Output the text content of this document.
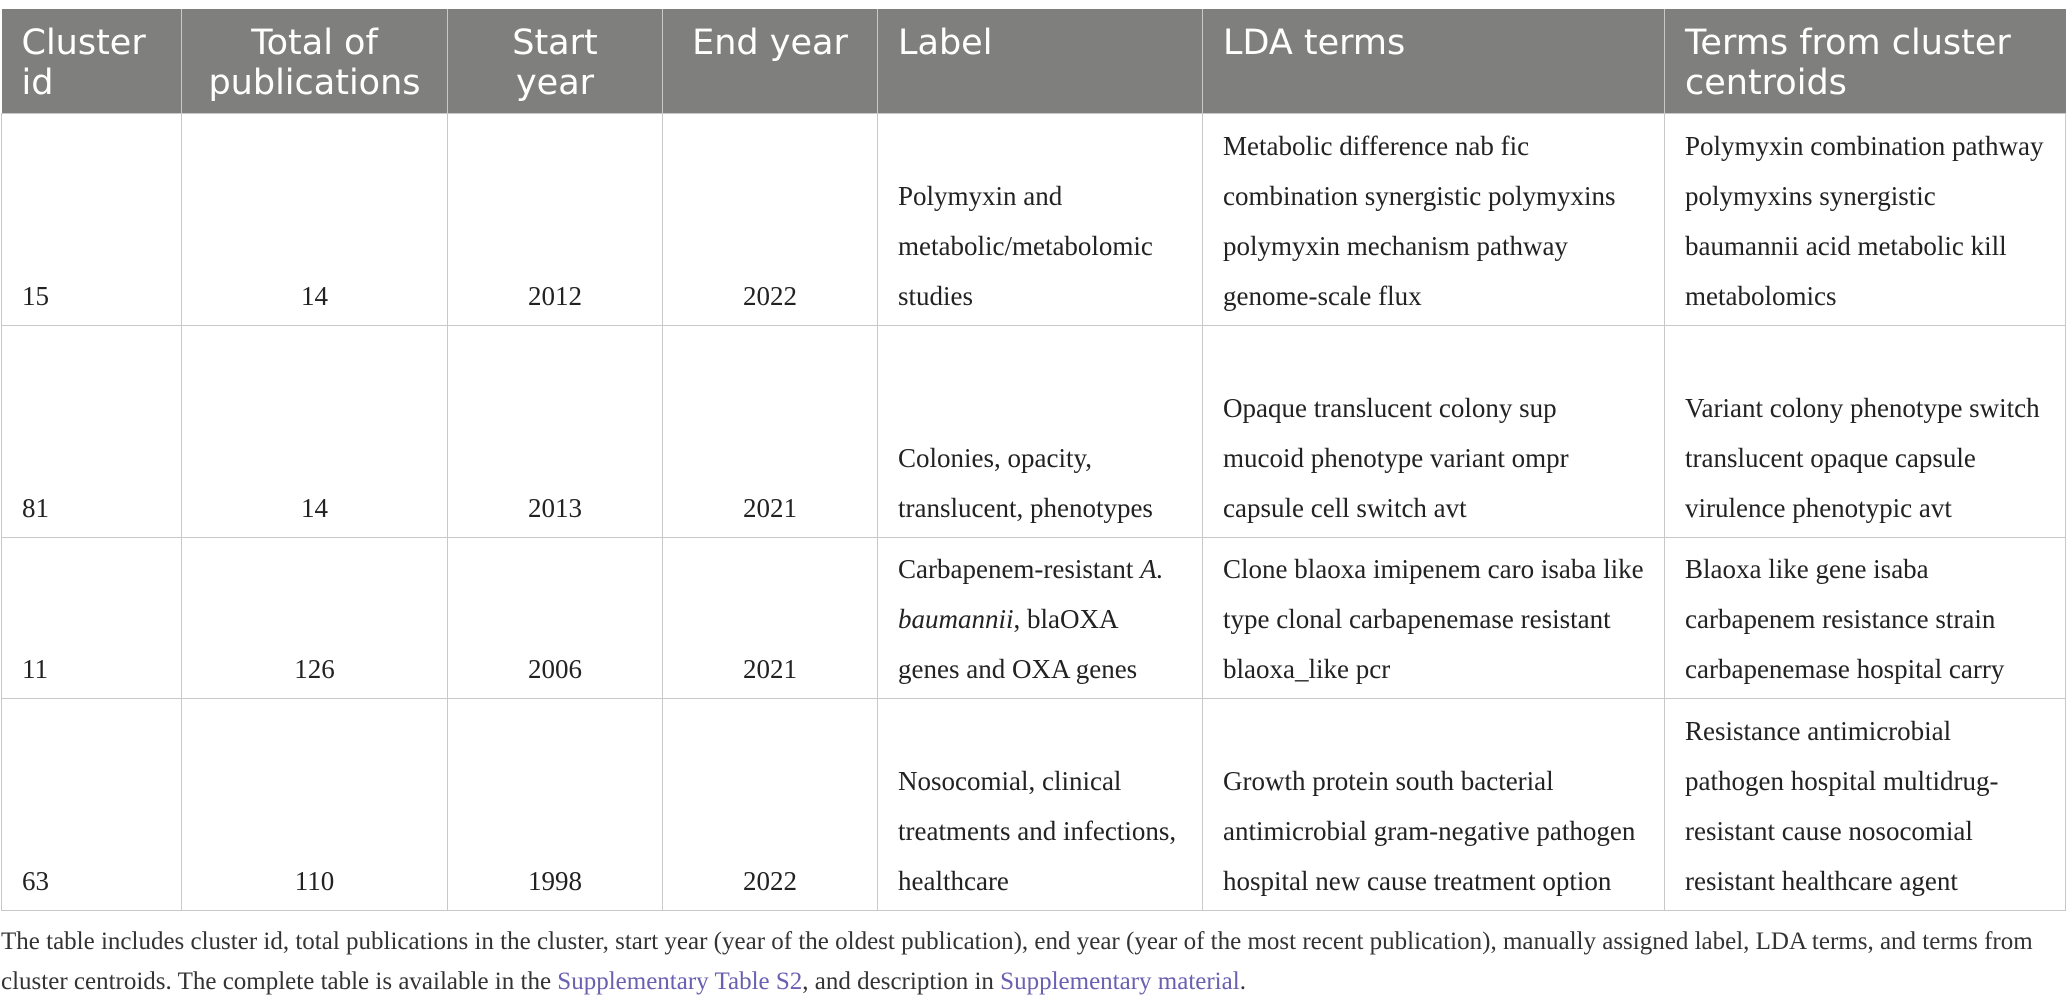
Cluster id	Total of publications	Start year	End year	Label	LDA terms	Terms from cluster centroids
15	14	2012	2022	Polymyxin and metabolic/metabolomic studies	Metabolic difference nab fic combination synergistic polymyxins polymyxin mechanism pathway genome-scale flux	Polymyxin combination pathway polymyxins synergistic baumannii acid metabolic kill metabolomics
81	14	2013	2021	Colonies, opacity, translucent, phenotypes	Opaque translucent colony sup mucoid phenotype variant ompr capsule cell switch avt	Variant colony phenotype switch translucent opaque capsule virulence phenotypic avt
11	126	2006	2021	Carbapenem-resistant A. baumannii, blaOXA genes and OXA genes	Clone blaoxa imipenem caro isaba like type clonal carbapenemase resistant blaoxa_like pcr	Blaoxa like gene isaba carbapenem resistance strain carbapenemase hospital carry
63	110	1998	2022	Nosocomial, clinical treatments and infections, healthcare	Growth protein south bacterial antimicrobial gram-negative pathogen hospital new cause treatment option	Resistance antimicrobial pathogen hospital multidrug-resistant cause nosocomial resistant healthcare agent
The table includes cluster id, total publications in the cluster, start year (year of the oldest publication), end year (year of the most recent publication), manually assigned label, LDA terms, and terms from cluster centroids. The complete table is available in the Supplementary Table S2, and description in Supplementary material.
